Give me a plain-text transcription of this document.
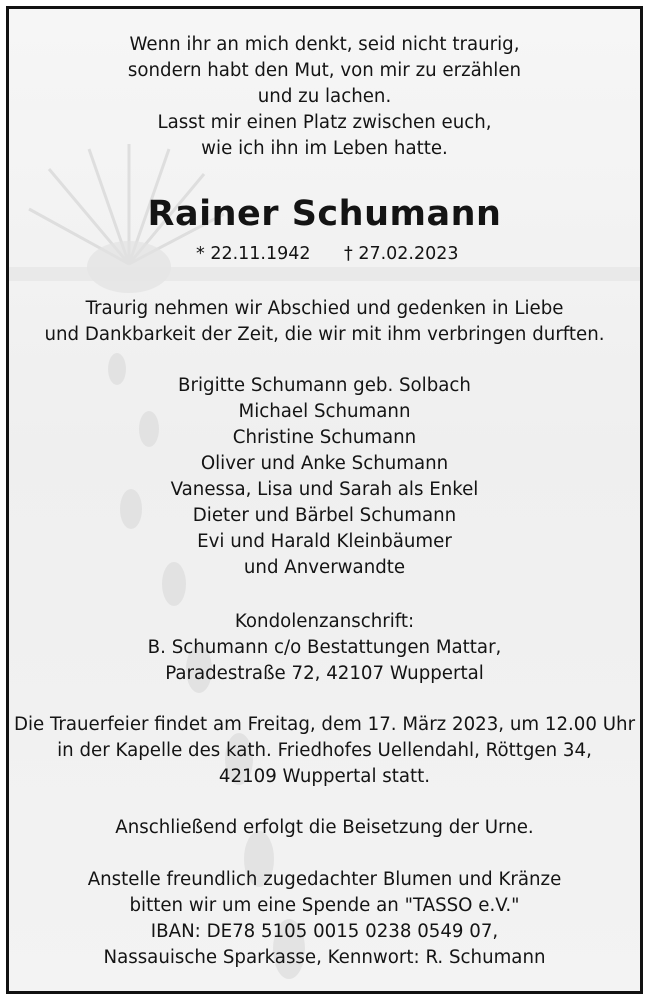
Wenn ihr an mich denkt, seid nicht traurig,
sondern habt den Mut, von mir zu erzählen
und zu lachen.
Lasst mir einen Platz zwischen euch,
wie ich ihn im Leben hatte.
Rainer Schumann
* 22.11.1942 † 27.02.2023
Traurig nehmen wir Abschied und gedenken in Liebe
und Dankbarkeit der Zeit, die wir mit ihm verbringen durften.
Brigitte Schumann geb. Solbach
Michael Schumann
Christine Schumann
Oliver und Anke Schumann
Vanessa, Lisa und Sarah als Enkel
Dieter und Bärbel Schumann
Evi und Harald Kleinbäumer
und Anverwandte
Kondolenzanschrift:
B. Schumann c/o Bestattungen Mattar,
Paradestraße 72, 42107 Wuppertal
Die Trauerfeier findet am Freitag, dem 17. März 2023, um 12.00 Uhr
in der Kapelle des kath. Friedhofes Uellendahl, Röttgen 34,
42109 Wuppertal statt.
Anschließend erfolgt die Beisetzung der Urne.
Anstelle freundlich zugedachter Blumen und Kränze
bitten wir um eine Spende an "TASSO e.V."
IBAN: DE78 5105 0015 0238 0549 07,
Nassauische Sparkasse, Kennwort: R. Schumann
